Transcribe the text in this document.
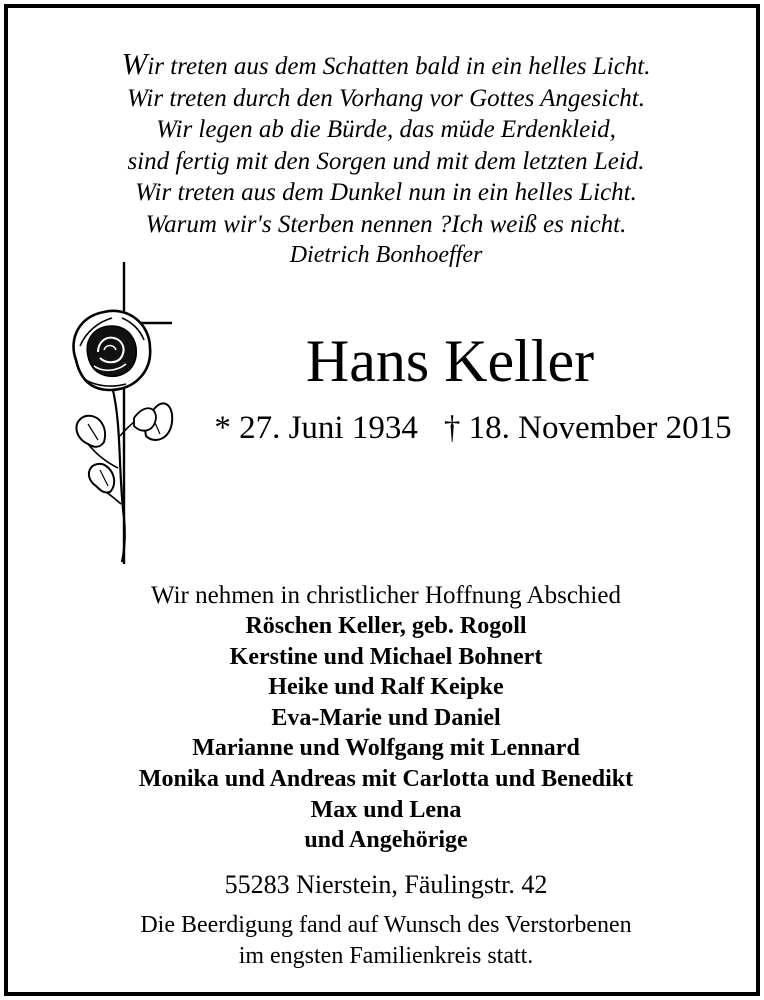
Wir treten aus dem Schatten bald in ein helles Licht.
Wir treten durch den Vorhang vor Gottes Angesicht.
Wir legen ab die Bürde, das müde Erdenkleid,
sind fertig mit den Sorgen und mit dem letzten Leid.
Wir treten aus dem Dunkel nun in ein helles Licht.
Warum wir's Sterben nennen ?Ich weiß es nicht.
Dietrich Bonhoeffer
Hans Keller
* 27. Juni 1934 † 18. November 2015
Wir nehmen in christlicher Hoffnung Abschied
Röschen Keller, geb. Rogoll
Kerstine und Michael Bohnert
Heike und Ralf Keipke
Eva-Marie und Daniel
Marianne und Wolfgang mit Lennard
Monika und Andreas mit Carlotta und Benedikt
Max und Lena
und Angehörige
55283 Nierstein, Fäulingstr. 42
Die Beerdigung fand auf Wunsch des Verstorbenen
im engsten Familienkreis statt.
